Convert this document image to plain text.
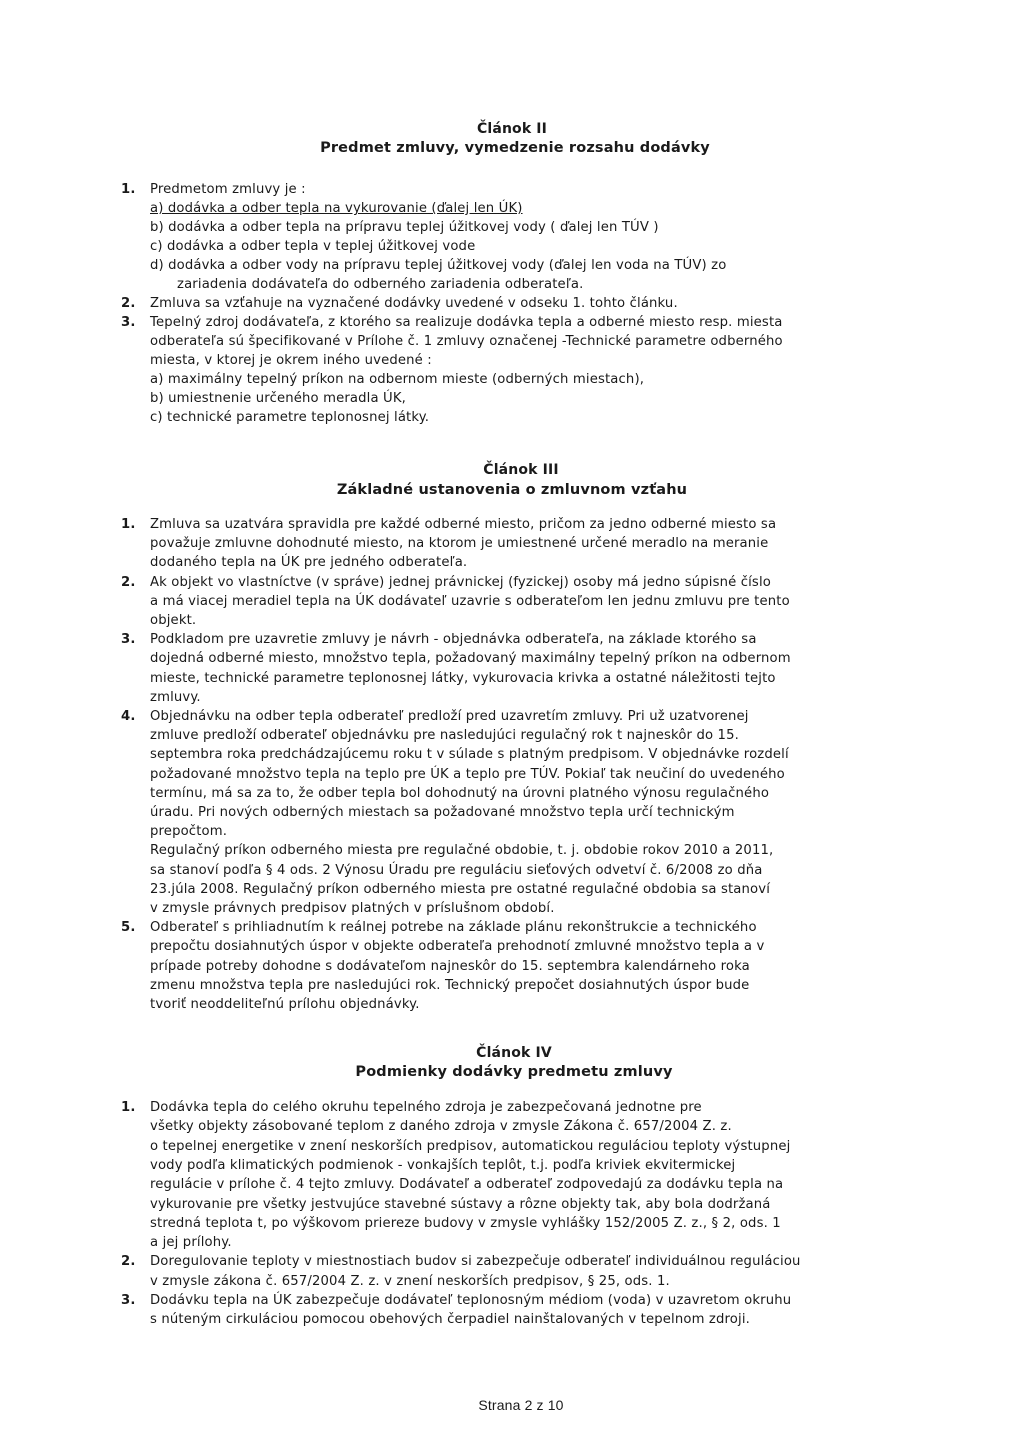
Článok II
Predmet zmluvy, vymedzenie rozsahu dodávky
1. Predmetom zmluvy je :
a) dodávka a odber tepla na vykurovanie (ďalej len ÚK)
b) dodávka a odber tepla na prípravu teplej úžitkovej vody ( ďalej len TÚV )
c) dodávka a odber tepla v teplej úžitkovej vode
d) dodávka a odber vody na prípravu teplej úžitkovej vody (ďalej len voda na TÚV) zo
zariadenia dodávateľa do odberného zariadenia odberateľa.
2. Zmluva sa vzťahuje na vyznačené dodávky uvedené v odseku 1. tohto článku.
3. Tepelný zdroj dodávateľa, z ktorého sa realizuje dodávka tepla a odberné miesto resp. miesta
odberateľa sú špecifikované v Prílohe č. 1 zmluvy označenej -Technické parametre odberného
miesta, v ktorej je okrem iného uvedené :
a) maximálny tepelný príkon na odbernom mieste (odberných miestach),
b) umiestnenie určeného meradla ÚK,
c) technické parametre teplonosnej látky.
Článok III
Základné ustanovenia o zmluvnom vzťahu
Článok IV
Podmienky dodávky predmetu zmluvy
Strana 2 z 10
1. Zmluva sa uzatvára spravidla pre každé odberné miesto, pričom za jedno odberné miesto sa
považuje zmluvne dohodnuté miesto, na ktorom je umiestnené určené meradlo na meranie
dodaného tepla na ÚK pre jedného odberateľa.
2. Ak objekt vo vlastníctve (v správe) jednej právnickej (fyzickej) osoby má jedno súpisné číslo
a má viacej meradiel tepla na ÚK dodávateľ uzavrie s odberateľom len jednu zmluvu pre tento
objekt.
3. Podkladom pre uzavretie zmluvy je návrh - objednávka odberateľa, na základe ktorého sa
dojedná odberné miesto, množstvo tepla, požadovaný maximálny tepelný príkon na odbernom
mieste, technické parametre teplonosnej látky, vykurovacia krivka a ostatné náležitosti tejto
zmluvy.
4. Objednávku na odber tepla odberateľ predloží pred uzavretím zmluvy. Pri už uzatvorenej
zmluve predloží odberateľ objednávku pre nasledujúci regulačný rok t najneskôr do 15.
septembra roka predchádzajúcemu roku t v súlade s platným predpisom. V objednávke rozdelí
požadované množstvo tepla na teplo pre ÚK a teplo pre TÚV. Pokiaľ tak neučiní do uvedeného
termínu, má sa za to, že odber tepla bol dohodnutý na úrovni platného výnosu regulačného
úradu. Pri nových odberných miestach sa požadované množstvo tepla určí technickým
prepočtom.
Regulačný príkon odberného miesta pre regulačné obdobie, t. j. obdobie rokov 2010 a 2011,
sa stanoví podľa § 4 ods. 2 Výnosu Úradu pre reguláciu sieťových odvetví č. 6/2008 zo dňa
23.júla 2008. Regulačný príkon odberného miesta pre ostatné regulačné obdobia sa stanoví
v zmysle právnych predpisov platných v príslušnom období.
5. Odberateľ s prihliadnutím k reálnej potrebe na základe plánu rekonštrukcie a technického
prepočtu dosiahnutých úspor v objekte odberateľa prehodnotí zmluvné množstvo tepla a v
prípade potreby dohodne s dodávateľom najneskôr do 15. septembra kalendárneho roka
zmenu množstva tepla pre nasledujúci rok. Technický prepočet dosiahnutých úspor bude
tvoriť neoddeliteľnú prílohu objednávky.
1. Dodávka tepla do celého okruhu tepelného zdroja je zabezpečovaná jednotne pre
všetky objekty zásobované teplom z daného zdroja v zmysle Zákona č. 657/2004 Z. z.
o tepelnej energetike v znení neskorších predpisov, automatickou reguláciou teploty výstupnej
vody podľa klimatických podmienok - vonkajších teplôt, t.j. podľa kriviek ekvitermickej
regulácie v prílohe č. 4 tejto zmluvy. Dodávateľ a odberateľ zodpovedajú za dodávku tepla na
vykurovanie pre všetky jestvujúce stavebné sústavy a rôzne objekty tak, aby bola dodržaná
stredná teplota t, po výškovom priereze budovy v zmysle vyhlášky 152/2005 Z. z., § 2, ods. 1
a jej prílohy.
2. Doregulovanie teploty v miestnostiach budov si zabezpečuje odberateľ individuálnou reguláciou
v zmysle zákona č. 657/2004 Z. z. v znení neskorších predpisov, § 25, ods. 1.
3. Dodávku tepla na ÚK zabezpečuje dodávateľ teplonosným médiom (voda) v uzavretom okruhu
s núteným cirkuláciou pomocou obehových čerpadiel nainštalovaných v tepelnom zdroji.
